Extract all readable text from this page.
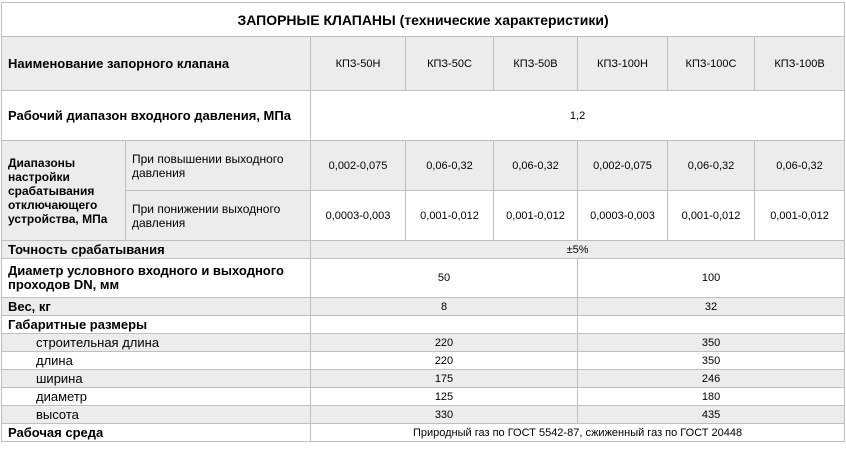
ЗАПОРНЫЕ КЛАПАНЫ (технические характеристики)							
Наименование запорного клапана		КПЗ-50Н	КПЗ-50С	КПЗ-50В	КПЗ-100Н	КПЗ-100С	КПЗ-100В
Рабочий диапазон входного давления, МПа		1,2					
Диапазоны настройки срабатывания отключающего устройства, МПа	При повышении выходного давления	0,002-0,075	0,06-0,32	0,06-0,32	0,002-0,075	0,06-0,32	0,06-0,32
	При понижении выходного давления	0,0003-0,003	0,001-0,012	0,001-0,012	0,0003-0,003	0,001-0,012	0,001-0,012
Точность срабатывания		±5%					
Диаметр условного входного и выходного проходов DN, мм		50			100		
Вес, кг		8			32		
Габаритные размеры							
строительная длина		220			350		
длина		220			350		
ширина		175			246		
диаметр		125			180		
высота		330			435		
Рабочая среда		Природный газ по ГОСТ 5542-87, сжиженный газ по ГОСТ 20448					
